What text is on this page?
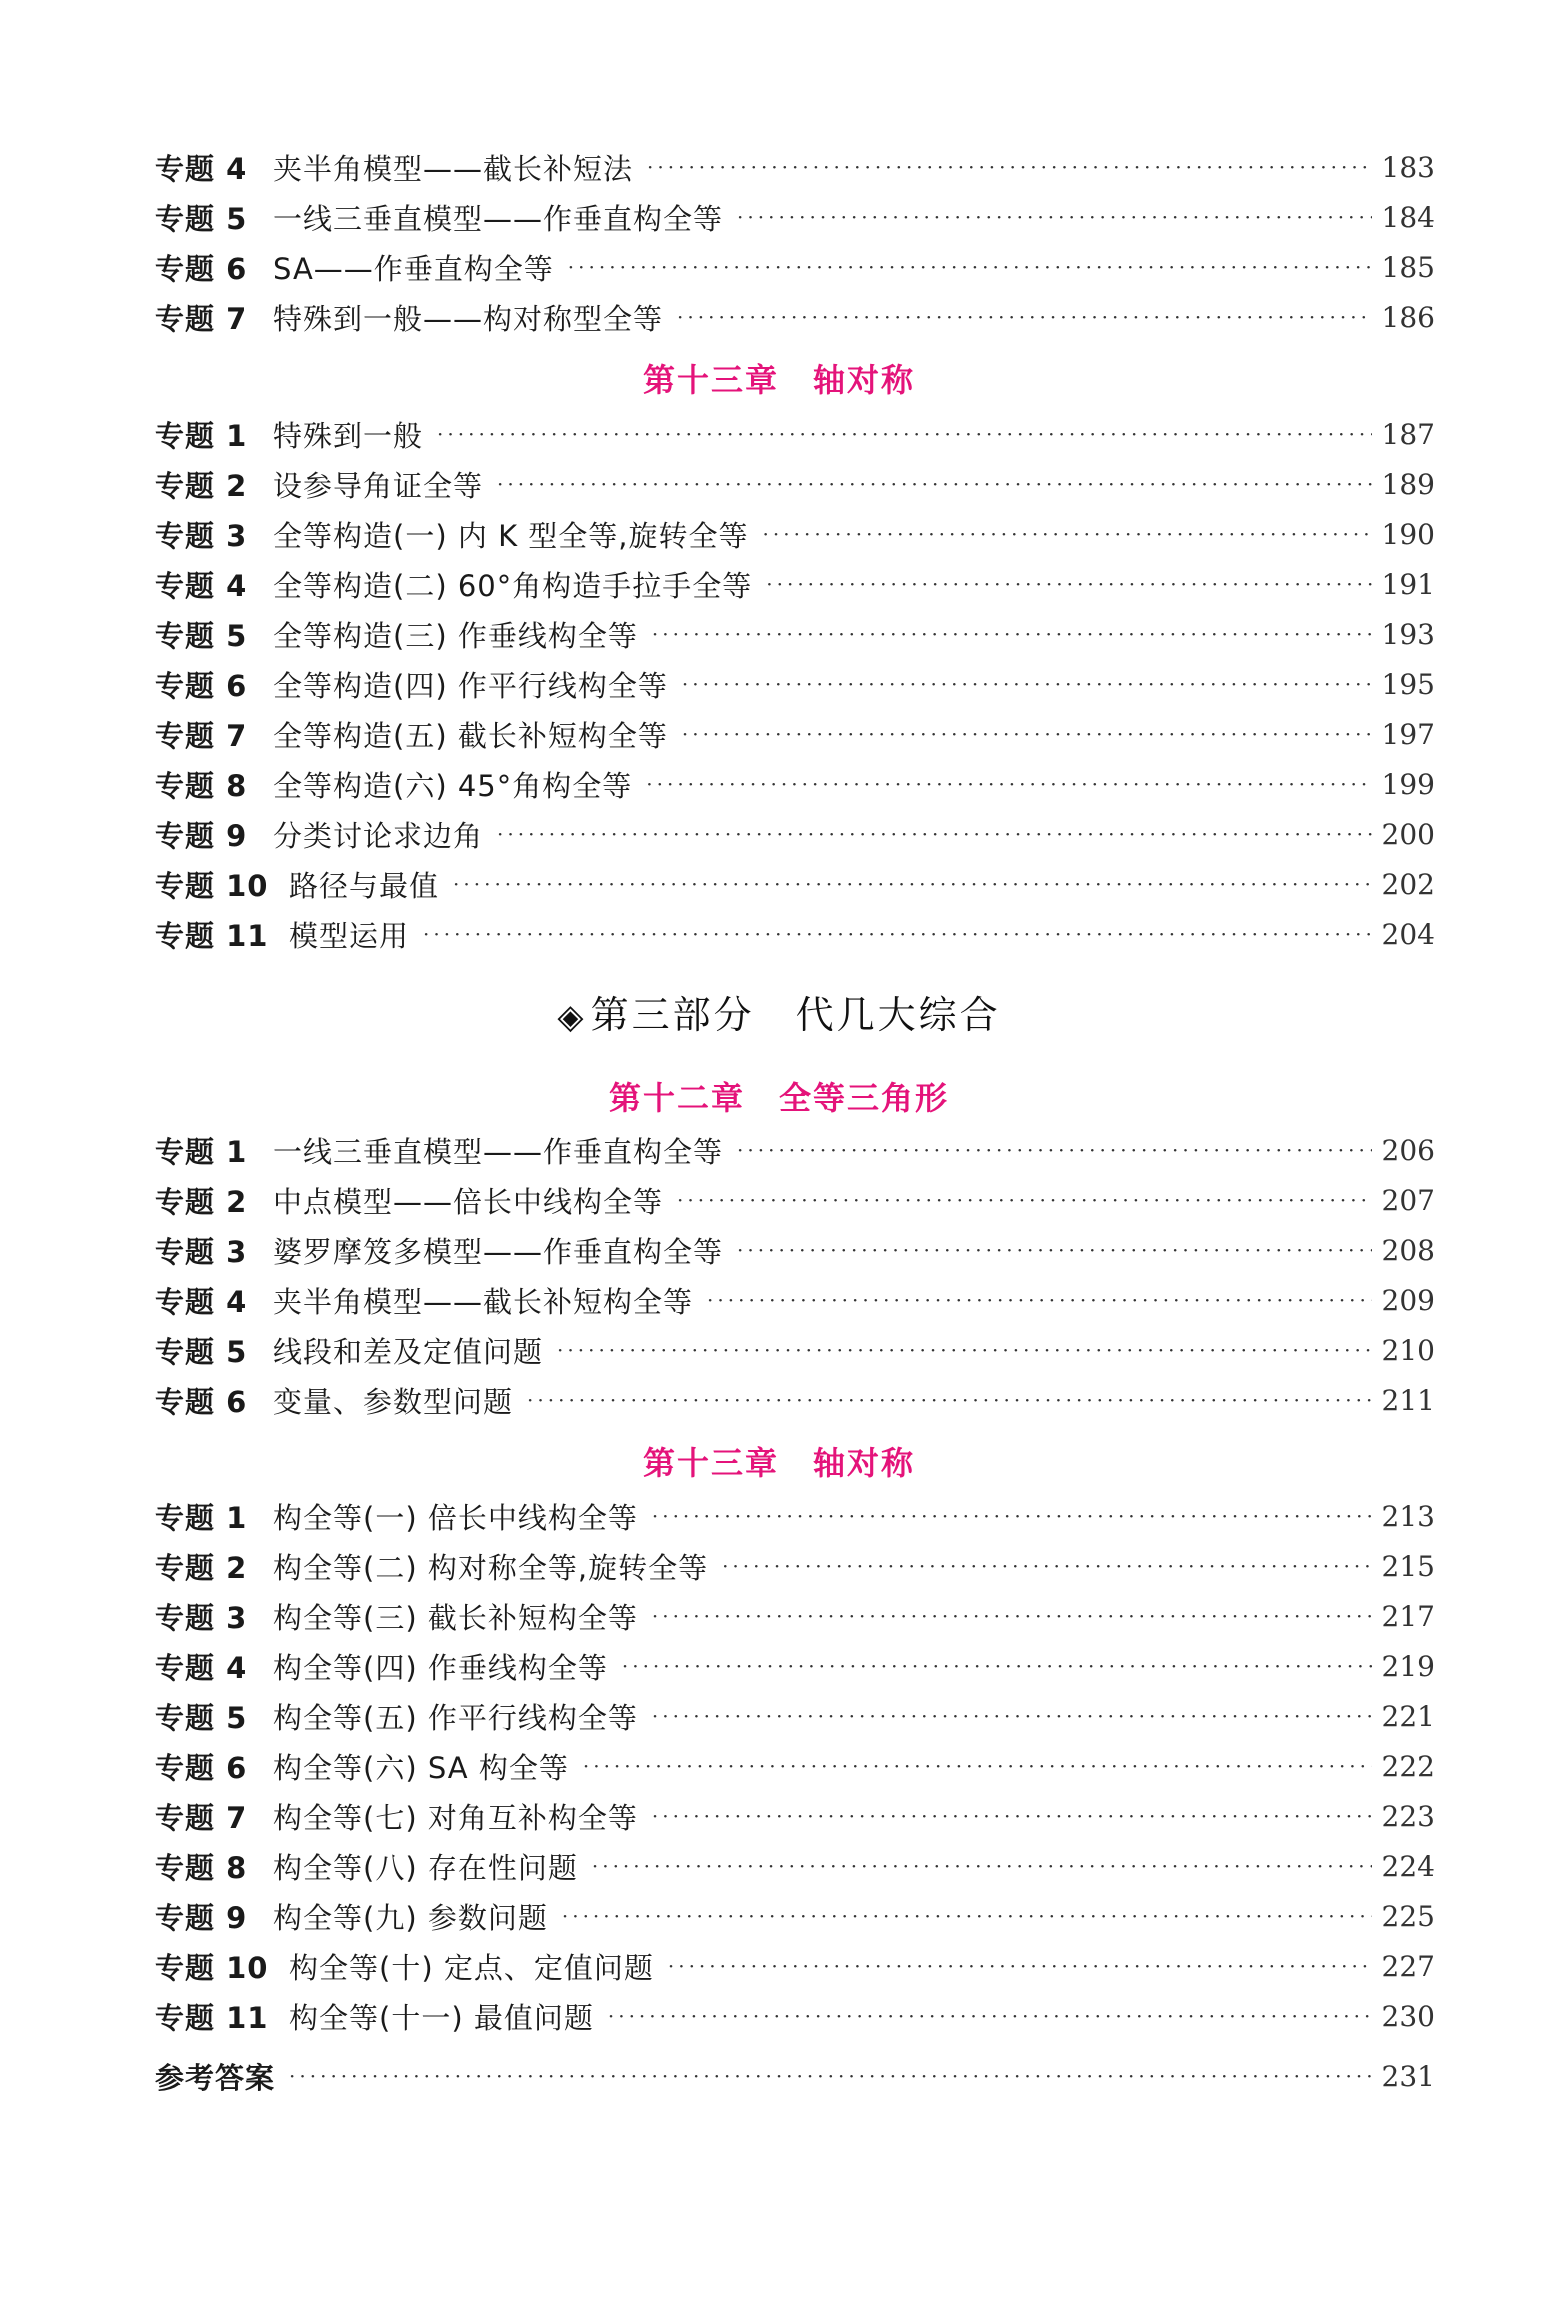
专题 4 夹半角模型——截长补短法 ·····	183
专题 5 一线三垂直模型——作垂直构全等 ·····	184
专题 6 SA——作垂直构全等 ·····	185
专题 7 特殊到一般——构对称型全等 ·····	186
第十三章　轴对称
专题 1 特殊到一般 ·····	187
专题 2 设参导角证全等 ·····	189
专题 3 全等构造(一) 内 K 型全等,旋转全等 ·····	190
专题 4 全等构造(二) 60°角构造手拉手全等 ·····	191
专题 5 全等构造(三) 作垂线构全等 ·····	193
专题 6 全等构造(四) 作平行线构全等 ·····	195
专题 7 全等构造(五) 截长补短构全等 ·····	197
专题 8 全等构造(六) 45°角构全等 ·····	199
专题 9 分类讨论求边角 ·····	200
专题 10 路径与最值 ·····	202
专题 11 模型运用 ·····	204
◈ 第三部分　代几大综合
第十二章　全等三角形
专题 1 一线三垂直模型——作垂直构全等 ·····	206
专题 2 中点模型——倍长中线构全等 ·····	207
专题 3 婆罗摩笈多模型——作垂直构全等 ·····	208
专题 4 夹半角模型——截长补短构全等 ·····	209
专题 5 线段和差及定值问题 ·····	210
专题 6 变量、参数型问题 ·····	211
第十三章　轴对称
专题 1 构全等(一) 倍长中线构全等 ·····	213
专题 2 构全等(二) 构对称全等,旋转全等 ·····	215
专题 3 构全等(三) 截长补短构全等 ·····	217
专题 4 构全等(四) 作垂线构全等 ·····	219
专题 5 构全等(五) 作平行线构全等 ·····	221
专题 6 构全等(六) SA 构全等 ·····	222
专题 7 构全等(七) 对角互补构全等 ·····	223
专题 8 构全等(八) 存在性问题 ·····	224
专题 9 构全等(九) 参数问题 ·····	225
专题 10 构全等(十) 定点、定值问题 ·····	227
专题 11 构全等(十一) 最值问题 ·····	230
参考答案 ·····	231
